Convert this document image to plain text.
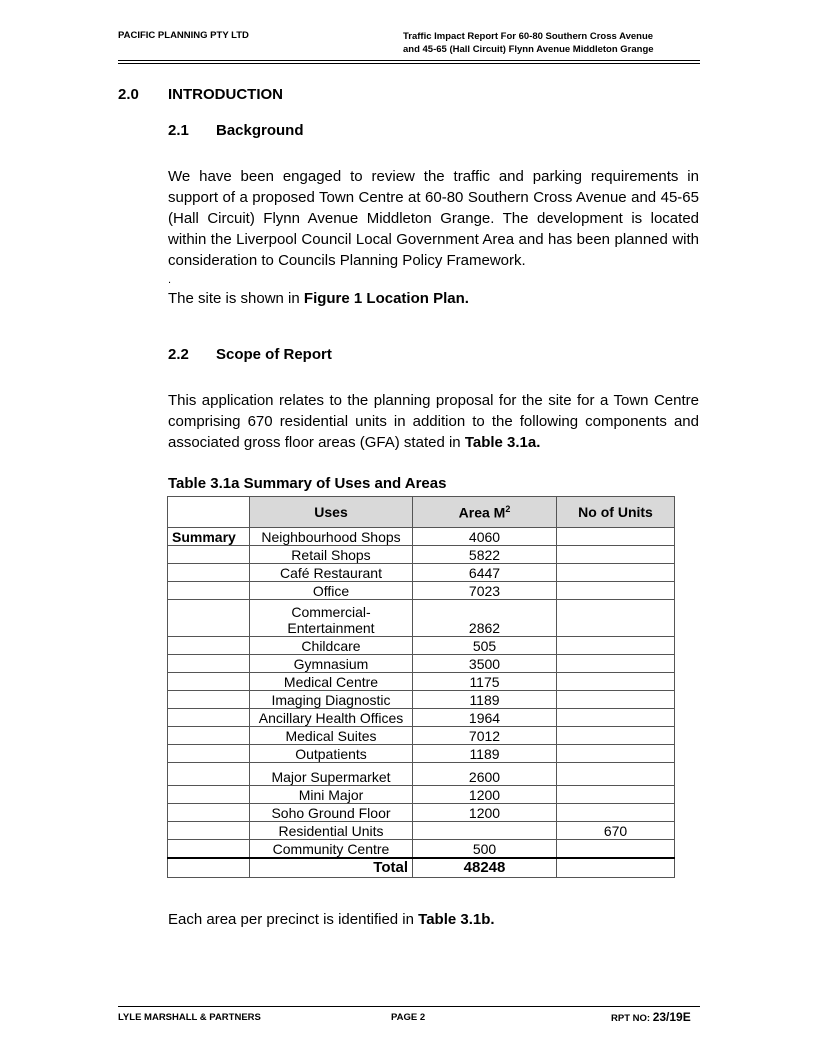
PACIFIC PLANNING PTY LTD	Traffic Impact Report For 60-80 Southern Cross Avenue
and 45-65 (Hall Circuit) Flynn Avenue Middleton Grange
2.0 INTRODUCTION
2.1 Background
We have been engaged to review the traffic and parking requirements in support of a proposed Town Centre at 60-80 Southern Cross Avenue and 45-65 (Hall Circuit) Flynn Avenue Middleton Grange. The development is located within the Liverpool Council Local Government Area and has been planned with consideration to Councils Planning Policy Framework.
.
The site is shown in Figure 1 Location Plan.
2.2 Scope of Report
This application relates to the planning proposal for the site for a Town Centre comprising 670 residential units in addition to the following components and associated gross floor areas (GFA) stated in Table 3.1a.
Table 3.1a Summary of Uses and Areas
	Uses	Area $M^2$	No of Units
Summary	Neighbourhood Shops	4060	
	Retail Shops	5822	
	Café Restaurant	6447	
	Office	7023	

	Commercial-
Entertainment	2862	
	Childcare	505	
	Gymnasium	3500	
	Medical Centre	1175	
	Imaging Diagnostic	1189	
	Ancillary Health Offices	1964	
	Medical Suites	7012	
	Outpatients	1189	
	Major Supermarket	2600	
	Mini Major	1200	
	Soho Ground Floor	1200	
	Residential Units		670
	Community Centre	500	
	Total	48248	
Each area per precinct is identified in Table 3.1b.
LYLE MARSHALL & PARTNERS	PAGE 2	RPT NO: 23/19E
